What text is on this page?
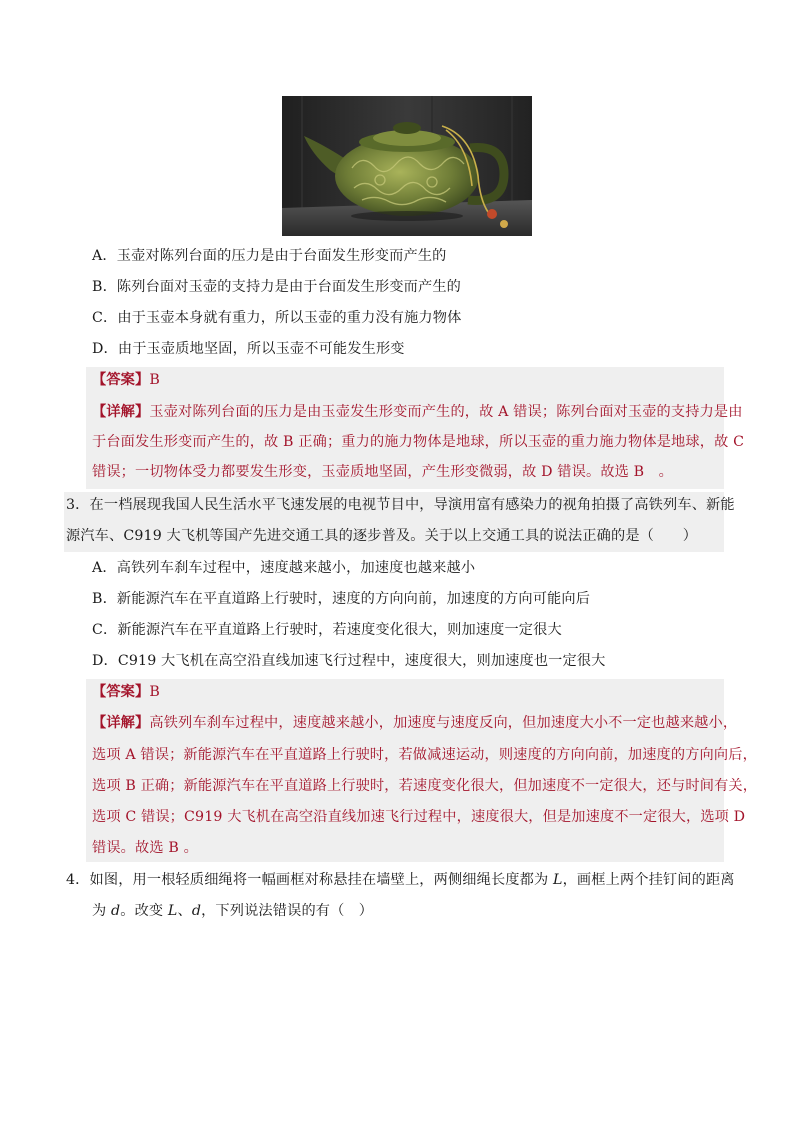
A．玉壶对陈列台面的压力是由于台面发生形变而产生的
B．陈列台面对玉壶的支持力是由于台面发生形变而产生的
C．由于玉壶本身就有重力，所以玉壶的重力没有施力物体
D．由于玉壶质地坚固，所以玉壶不可能发生形变
【答案】B
【详解】玉壶对陈列台面的压力是由玉壶发生形变而产生的，故 A 错误；陈列台面对玉壶的支持力是由
于台面发生形变而产生的，故 B 正确；重力的施力物体是地球，所以玉壶的重力施力物体是地球，故 C
错误；一切物体受力都要发生形变，玉壶质地坚固，产生形变微弱，故 D 错误。故选 B　。
3．在一档展现我国人民生活水平飞速发展的电视节目中，导演用富有感染力的视角拍摄了高铁列车、新能
源汽车、C919 大飞机等国产先进交通工具的逐步普及。关于以上交通工具的说法正确的是（　　）
A．高铁列车刹车过程中，速度越来越小，加速度也越来越小
B．新能源汽车在平直道路上行驶时，速度的方向向前，加速度的方向可能向后
C．新能源汽车在平直道路上行驶时，若速度变化很大，则加速度一定很大
D．C919 大飞机在高空沿直线加速飞行过程中，速度很大，则加速度也一定很大
【答案】B
【详解】高铁列车刹车过程中，速度越来越小，加速度与速度反向，但加速度大小不一定也越来越小，
选项 A 错误；新能源汽车在平直道路上行驶时，若做减速运动，则速度的方向向前，加速度的方向向后，
选项 B 正确；新能源汽车在平直道路上行驶时，若速度变化很大，但加速度不一定很大，还与时间有关，
选项 C 错误；C919 大飞机在高空沿直线加速飞行过程中，速度很大，但是加速度不一定很大，选项 D
错误。故选 B 。
4．如图，用一根轻质细绳将一幅画框对称悬挂在墙壁上，两侧细绳长度都为 L，画框上两个挂钉间的距离
为 d。改变 L、d，下列说法错误的有（　）
